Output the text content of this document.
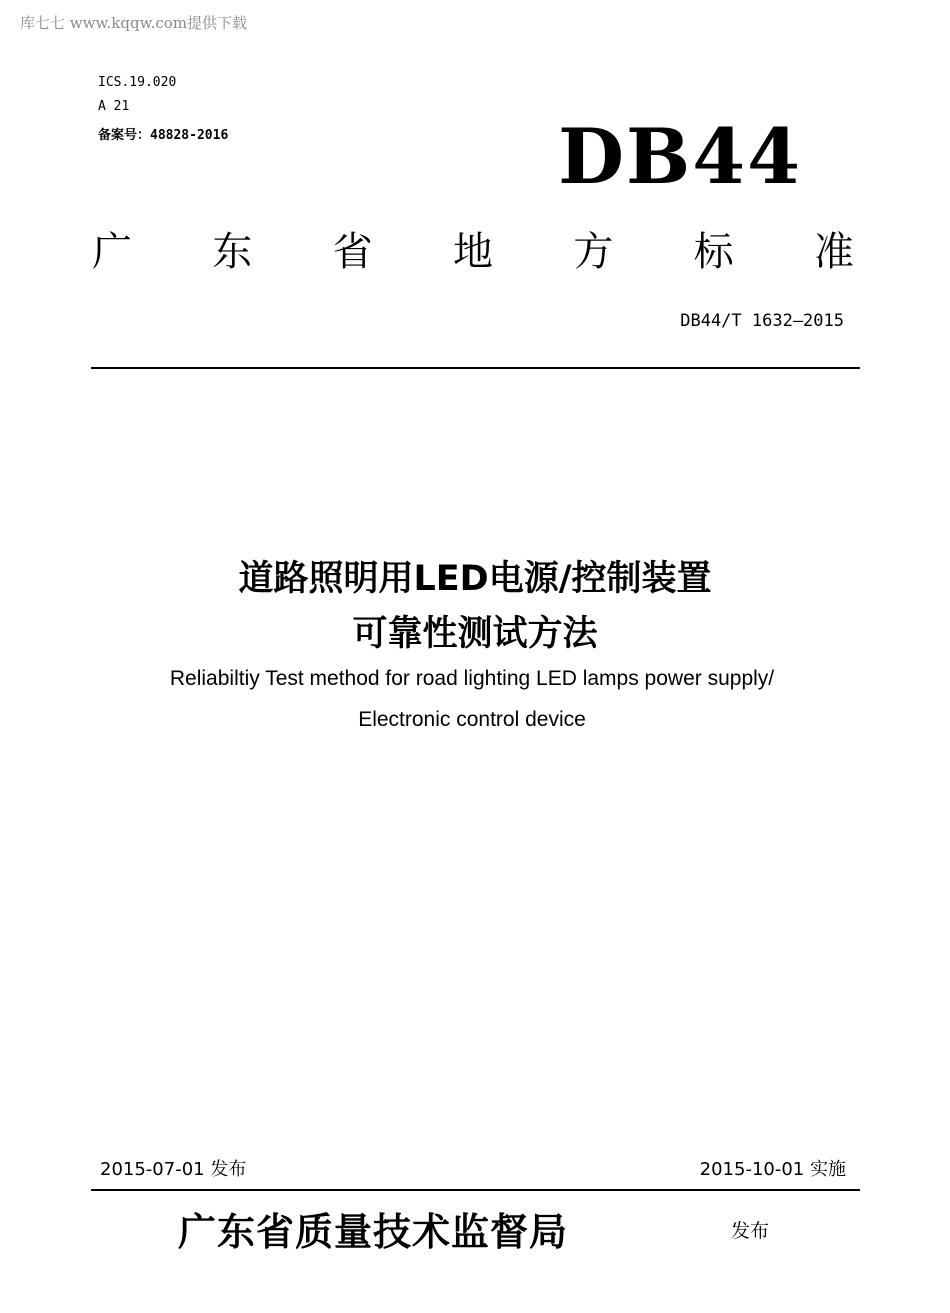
库七七 www.kqqw.com提供下载
ICS.19.020
A 21
备案号：48828-2016	DB44
广 东 省 地 方 标 准
DB44/T 1632—2015
道路照明用LED电源/控制装置
可靠性测试方法
Reliabiltiy Test method for road lighting LED lamps power supply/
Electronic control device
2015-07-01 发布	2015-10-01 实施
广东省质量技术监督局	发布
